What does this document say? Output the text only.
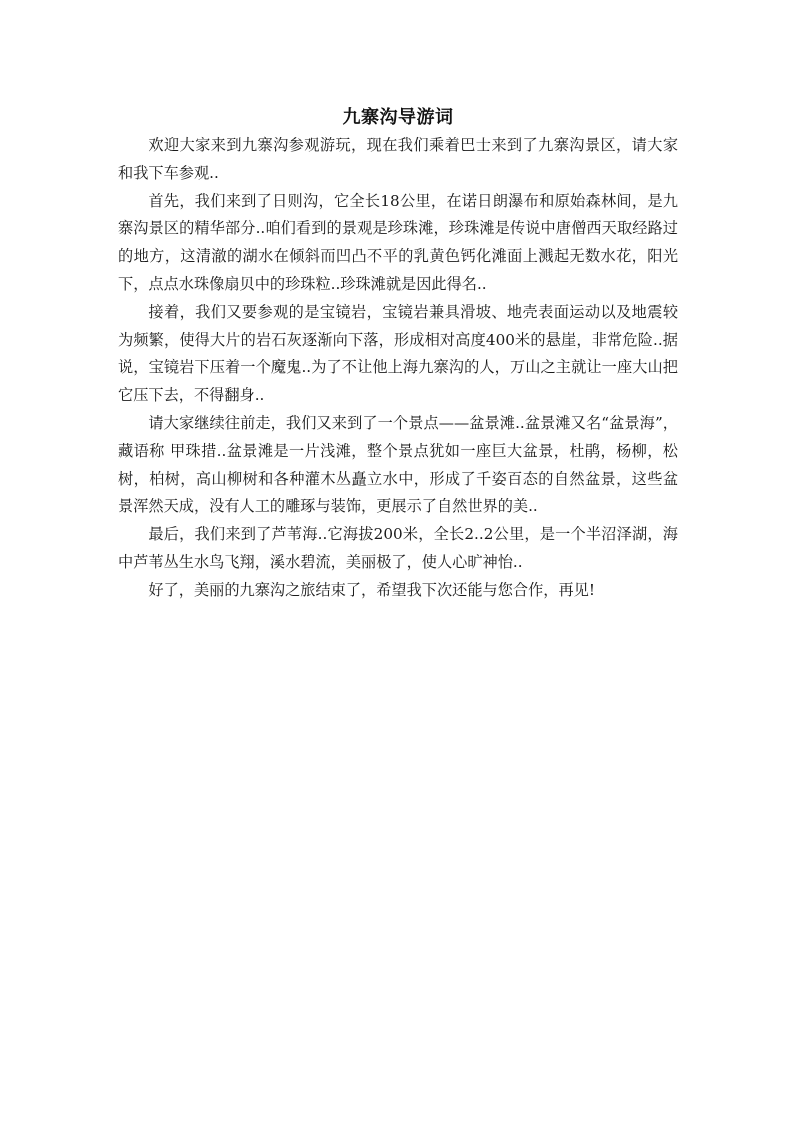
九寨沟导游词

欢迎大家来到九寨沟参观游玩，现在我们乘着巴士来到了九寨沟景区，请大家和我下车参观..

首先，我们来到了日则沟，它全长18公里，在诺日朗瀑布和原始森林间，是九寨沟景区的精华部分..咱们看到的景观是珍珠滩，珍珠滩是传说中唐僧西天取经路过的地方，这清澈的湖水在倾斜而凹凸不平的乳黄色钙化滩面上溅起无数水花，阳光下，点点水珠像扇贝中的珍珠粒..珍珠滩就是因此得名..

接着，我们又要参观的是宝镜岩，宝镜岩兼具滑坡、地壳表面运动以及地震较为频繁，使得大片的岩石灰逐渐向下落，形成相对高度400米的悬崖，非常危险..据说，宝镜岩下压着一个魔鬼..为了不让他上海九寨沟的人，万山之主就让一座大山把它压下去，不得翻身..

请大家继续往前走，我们又来到了一个景点——盆景滩..盆景滩又名“盆景海”，藏语称 甲珠措..盆景滩是一片浅滩，整个景点犹如一座巨大盆景，杜鹃，杨柳，松树，柏树，高山柳树和各种灌木丛矗立水中，形成了千姿百态的自然盆景，这些盆景浑然天成，没有人工的雕琢与装饰，更展示了自然世界的美..

最后，我们来到了芦苇海..它海拔200米，全长2..2公里，是一个半沼泽湖，海中芦苇丛生水鸟飞翔，溪水碧流，美丽极了，使人心旷神怡..

好了，美丽的九寨沟之旅结束了，希望我下次还能与您合作，再见!
